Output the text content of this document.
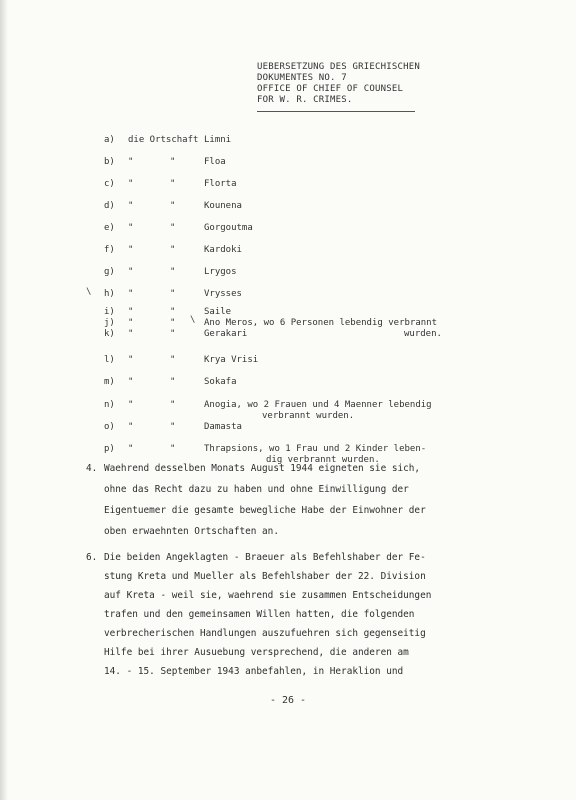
UEBERSETZUNG DES GRIECHISCHEN
DOKUMENTES NO. 7
OFFICE OF CHIEF OF COUNSEL
FOR W. R. CRIMES.
a) die Ortschaft Limni
b) "	"	Floa
c) "	"	Florta
d) "	"	Kounena
e) "	"	Gorgoutma
f) "	"	Kardoki
g) "	"	Lrygos
h) "	"	Vrysses
\
i) "	"	Saile
j) "	"	Ano Meros, wo 6 Personen lebendig verbrannt
k) "	"	Gerakari	wurden.
\
l) "	"	Krya Vrisi
m) "	"	Sokafa
n) "	"	Anogia, wo 2 Frauen und 4 Maenner lebendig
verbrannt wurden.
o) "	"	Damasta
p) "	"	Thrapsions, wo 1 Frau und 2 Kinder leben-
dig verbrannt wurden.
4. Waehrend desselben Monats August 1944 eigneten sie sich,
ohne das Recht dazu zu haben und ohne Einwilligung der
Eigentuemer die gesamte bewegliche Habe der Einwohner der
oben erwaehnten Ortschaften an.
6. Die beiden Angeklagten - Braeuer als Befehlshaber der Fe-
stung Kreta und Mueller als Befehlshaber der 22. Division
auf Kreta - weil sie, waehrend sie zusammen Entscheidungen
trafen und den gemeinsamen Willen hatten, die folgenden
verbrecherischen Handlungen auszufuehren sich gegenseitig
Hilfe bei ihrer Ausuebung versprechend, die anderen am
14. - 15. September 1943 anbefahlen, in Heraklion und
- 26 -
